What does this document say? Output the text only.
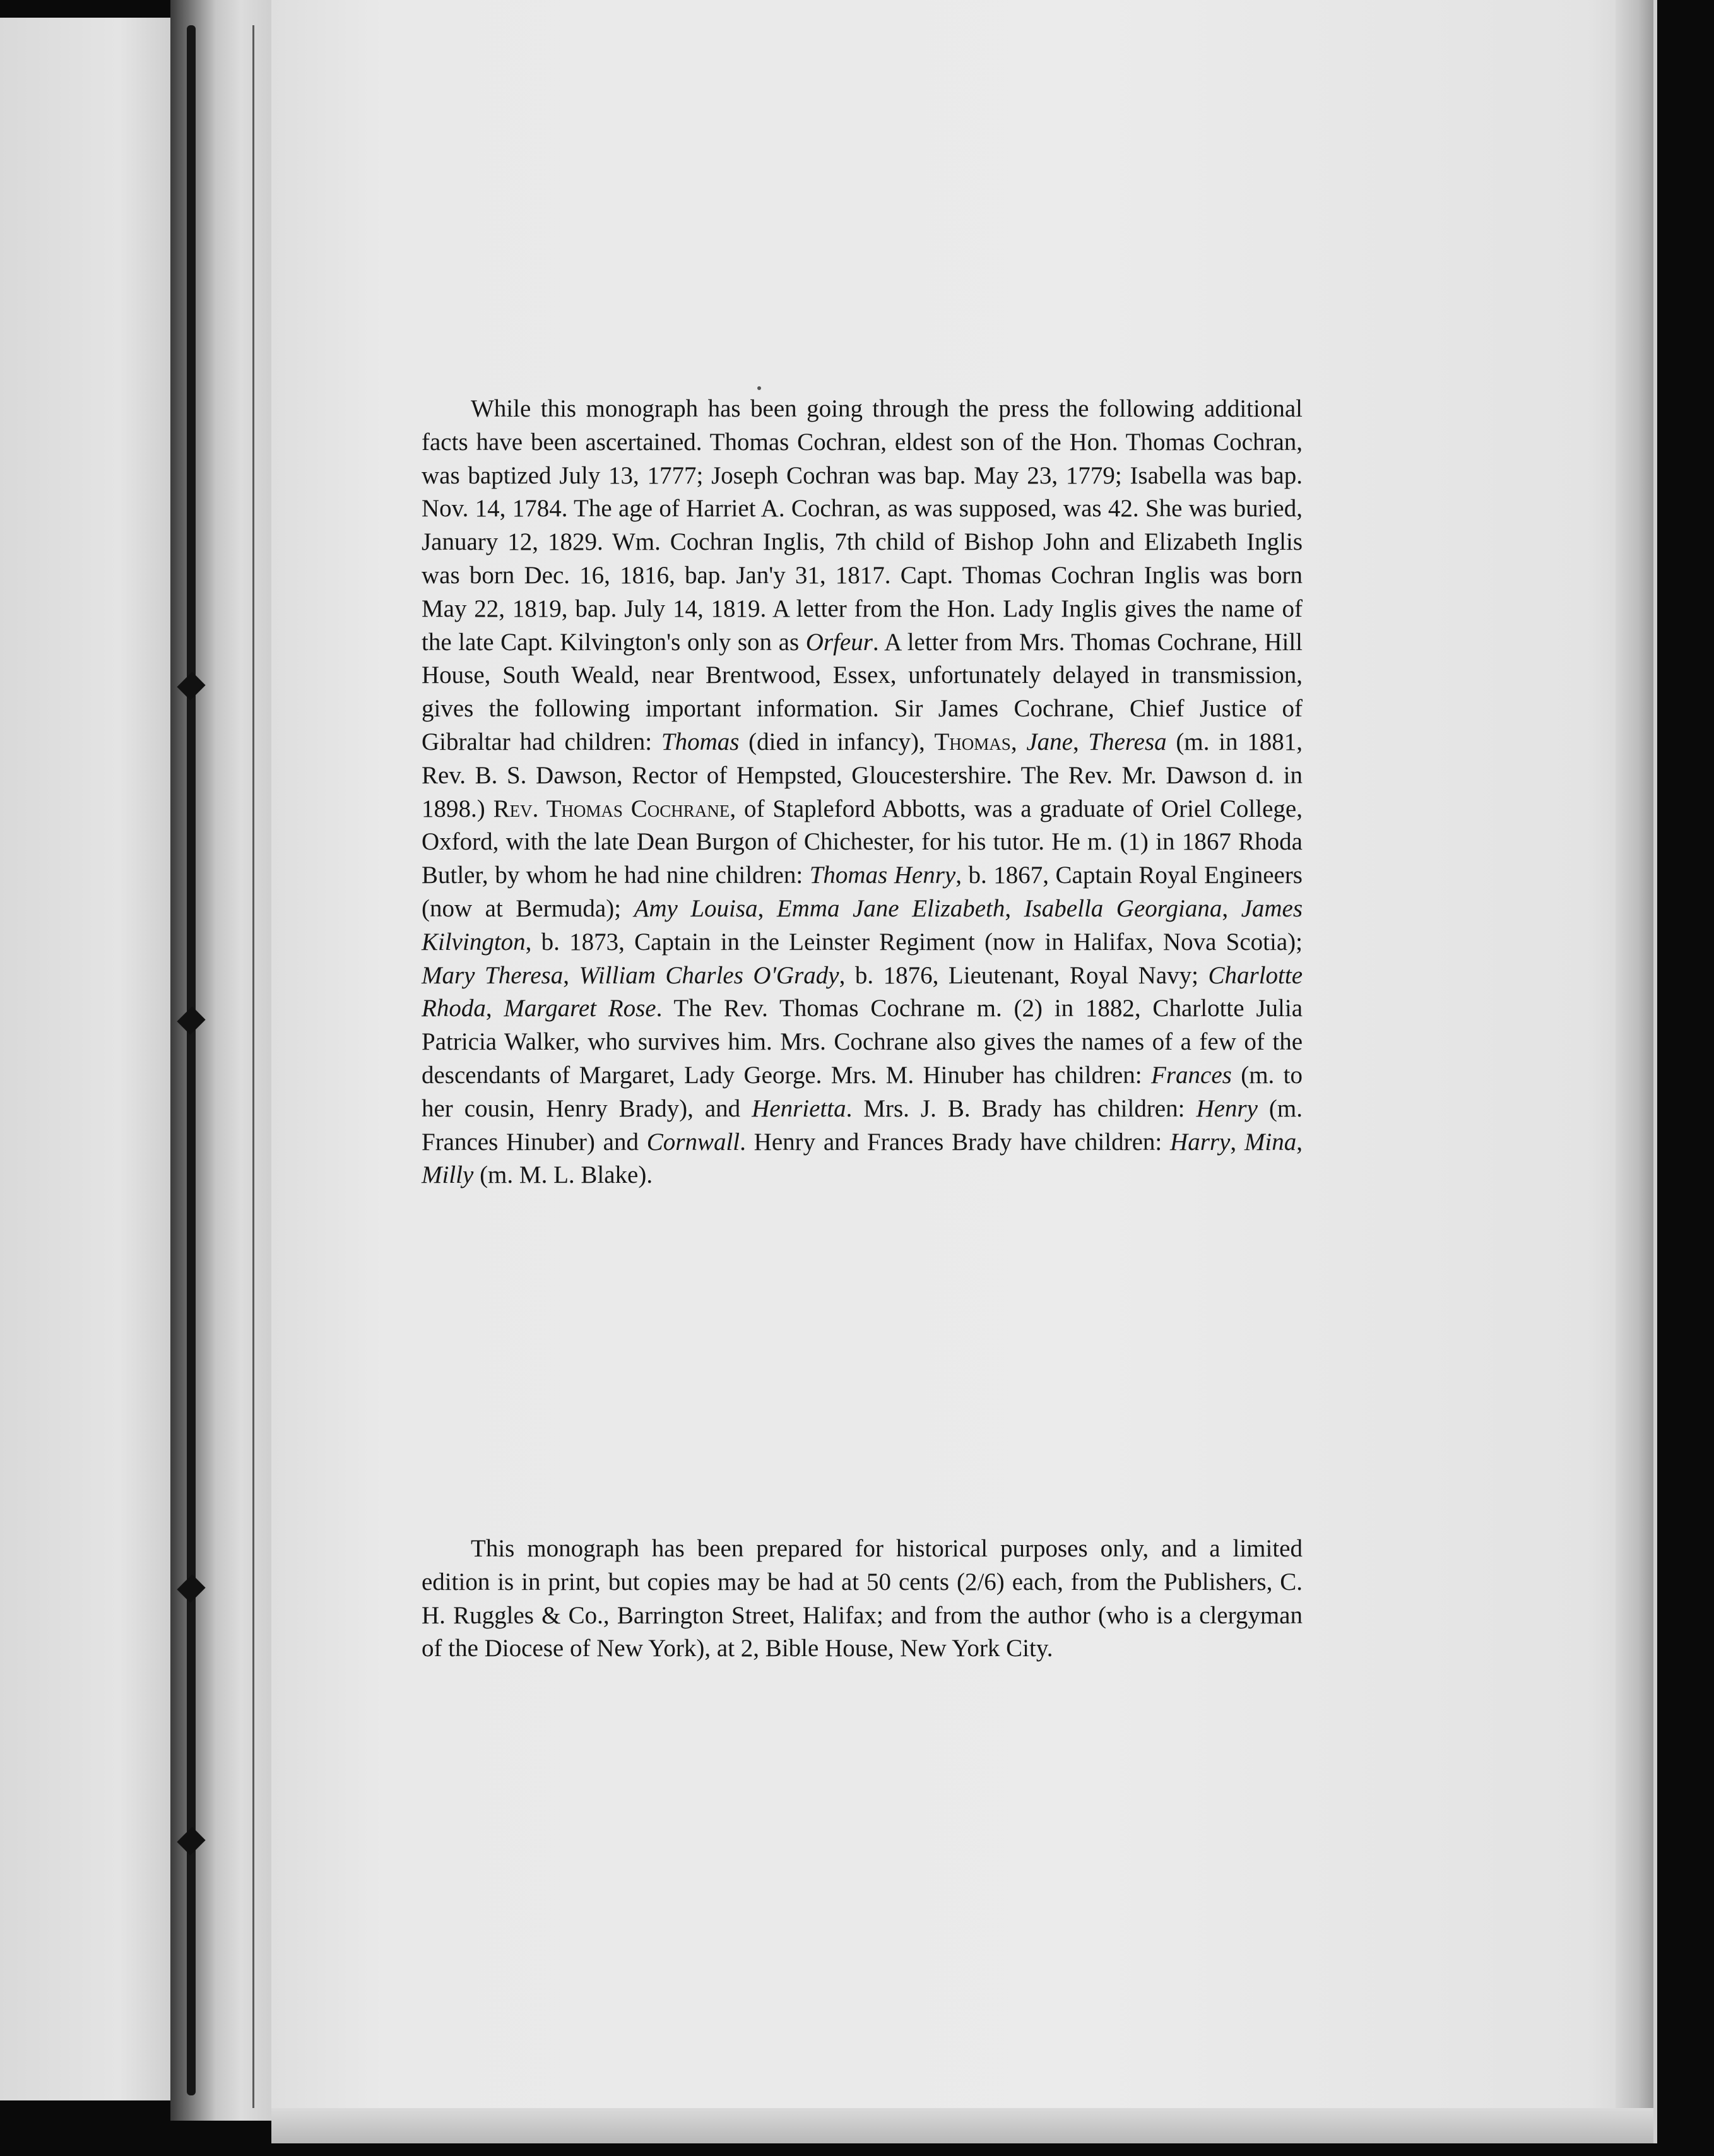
While this monograph has been going through the press the following additional facts have been ascertained. Thomas Cochran, eldest son of the Hon. Thomas Cochran, was baptized July 13, 1777; Joseph Cochran was bap. May 23, 1779; Isabella was bap. Nov. 14, 1784. The age of Harriet A. Cochran, as was supposed, was 42. She was buried, January 12, 1829. Wm. Cochran Inglis, 7th child of Bishop John and Elizabeth Inglis was born Dec. 16, 1816, bap. Jan'y 31, 1817. Capt. Thomas Cochran Inglis was born May 22, 1819, bap. July 14, 1819. A letter from the Hon. Lady Inglis gives the name of the late Capt. Kilvington's only son as Orfeur. A letter from Mrs. Thomas Cochrane, Hill House, South Weald, near Brentwood, Essex, unfortunately delayed in transmission, gives the following important information. Sir James Cochrane, Chief Justice of Gibraltar had children: Thomas (died in infancy), Thomas, Jane, Theresa (m. in 1881, Rev. B. S. Dawson, Rector of Hempsted, Gloucestershire. The Rev. Mr. Dawson d. in 1898.) Rev. Thomas Cochrane, of Stapleford Abbotts, was a graduate of Oriel College, Oxford, with the late Dean Burgon of Chichester, for his tutor. He m. (1) in 1867 Rhoda Butler, by whom he had nine children: Thomas Henry, b. 1867, Captain Royal Engineers (now at Bermuda); Amy Louisa, Emma Jane Elizabeth, Isabella Georgiana, James Kilvington, b. 1873, Captain in the Leinster Regiment (now in Halifax, Nova Scotia); Mary Theresa, William Charles O'Grady, b. 1876, Lieutenant, Royal Navy; Charlotte Rhoda, Margaret Rose. The Rev. Thomas Cochrane m. (2) in 1882, Charlotte Julia Patricia Walker, who survives him. Mrs. Cochrane also gives the names of a few of the descendants of Margaret, Lady George. Mrs. M. Hinuber has children: Frances (m. to her cousin, Henry Brady), and Henrietta. Mrs. J. B. Brady has children: Henry (m. Frances Hinuber) and Cornwall. Henry and Frances Brady have children: Harry, Mina, Milly (m. M. L. Blake).

This monograph has been prepared for historical purposes only, and a limited edition is in print, but copies may be had at 50 cents (2/6) each, from the Publishers, C. H. Ruggles & Co., Barrington Street, Halifax; and from the author (who is a clergyman of the Diocese of New York), at 2, Bible House, New York City.
